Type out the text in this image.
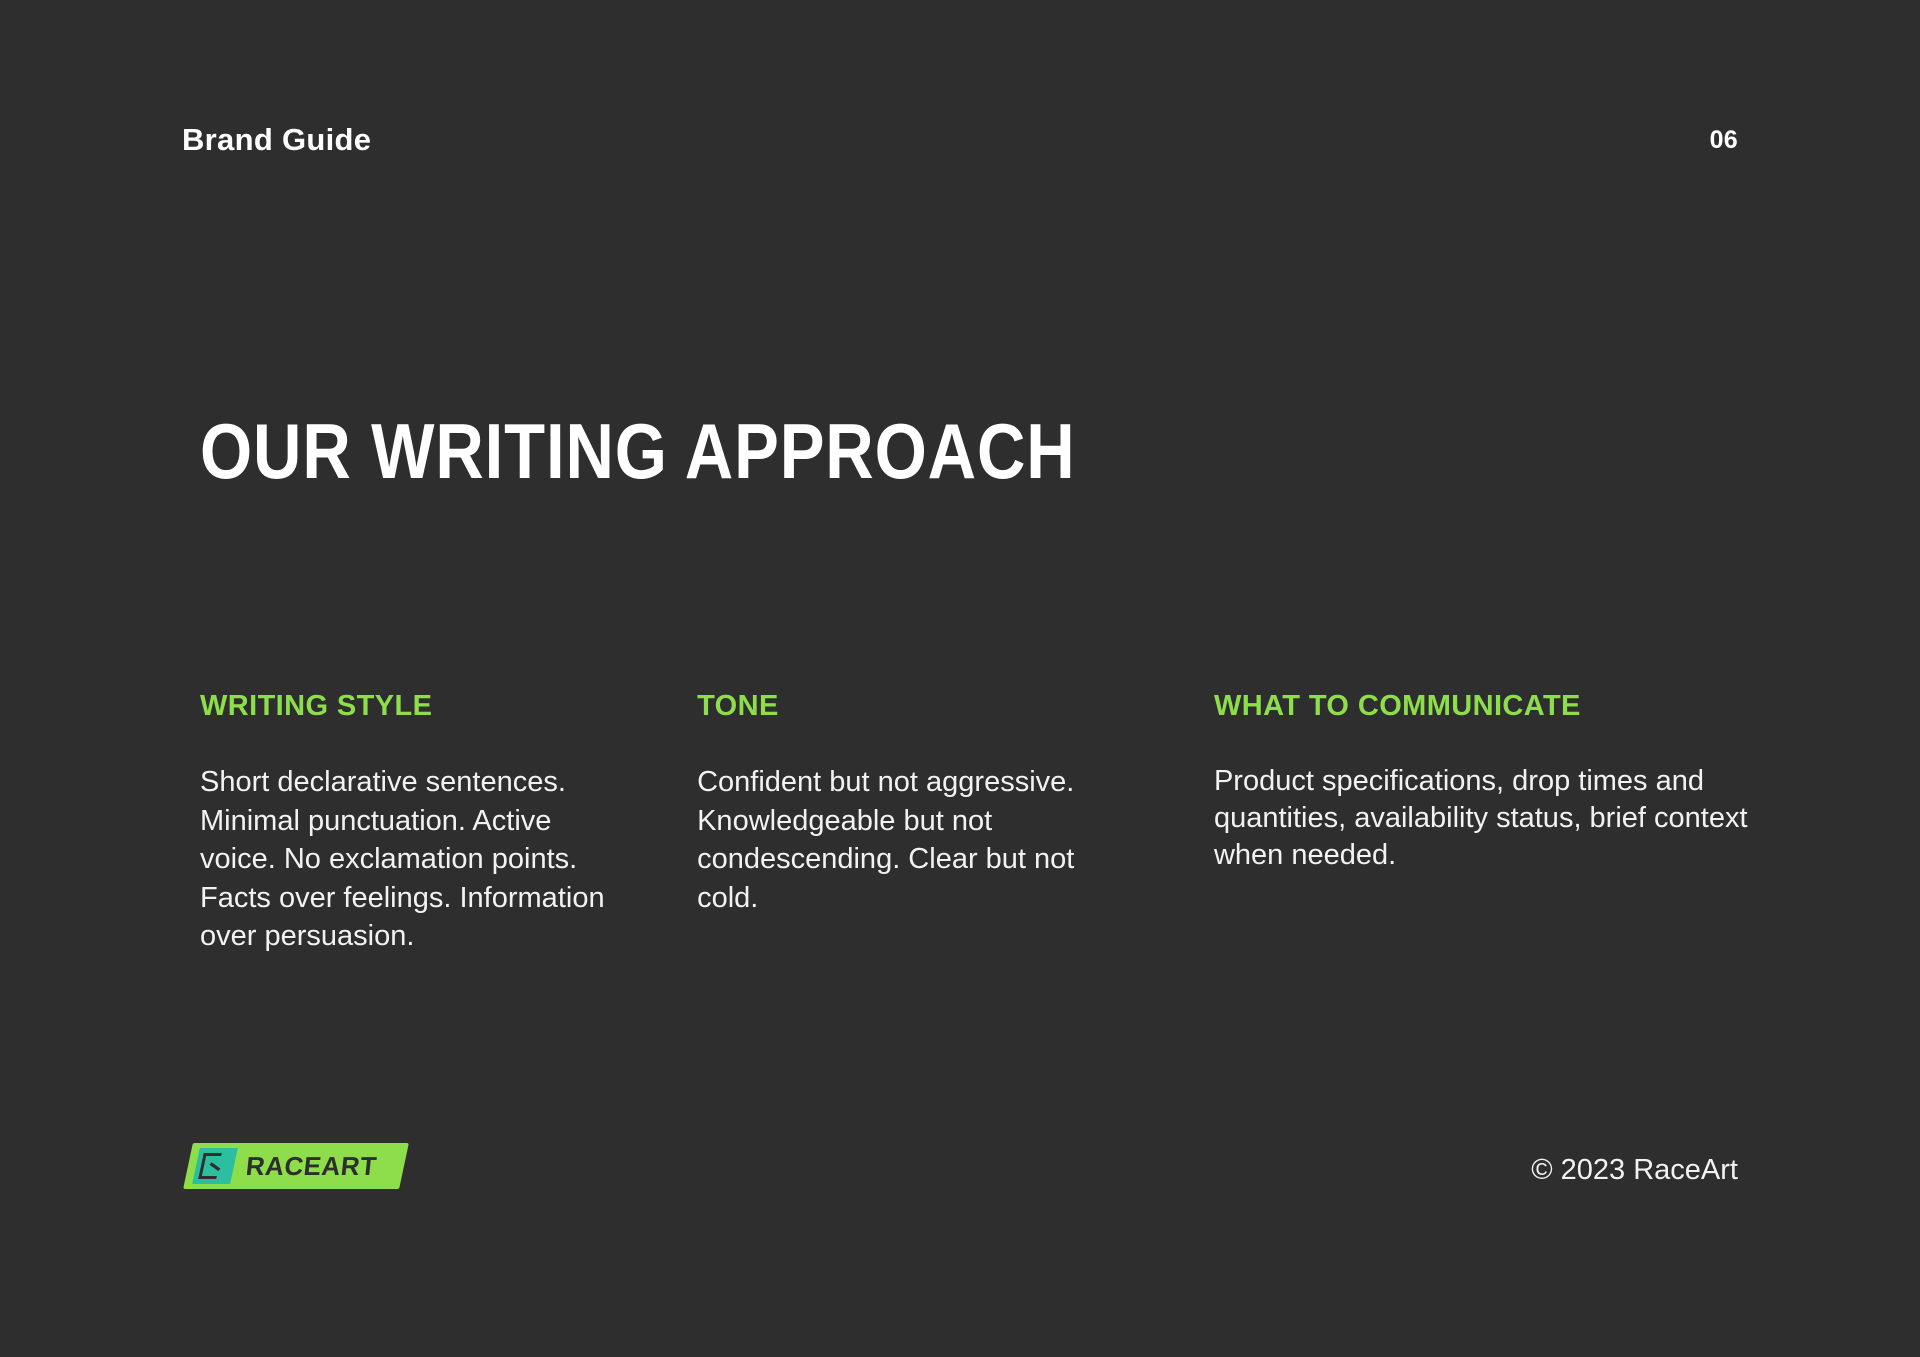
Brand Guide	06
OUR WRITING APPROACH
WRITING STYLE

Short declarative sentences. Minimal punctuation. Active voice. No exclamation points. Facts over feelings. Information over persuasion.

TONE

Confident but not aggressive. Knowledgeable but not condescending. Clear but not cold.

WHAT TO COMMUNICATE

Product specifications, drop times and quantities, availability status, brief context when needed.

RACEART	© 2023 RaceArt
